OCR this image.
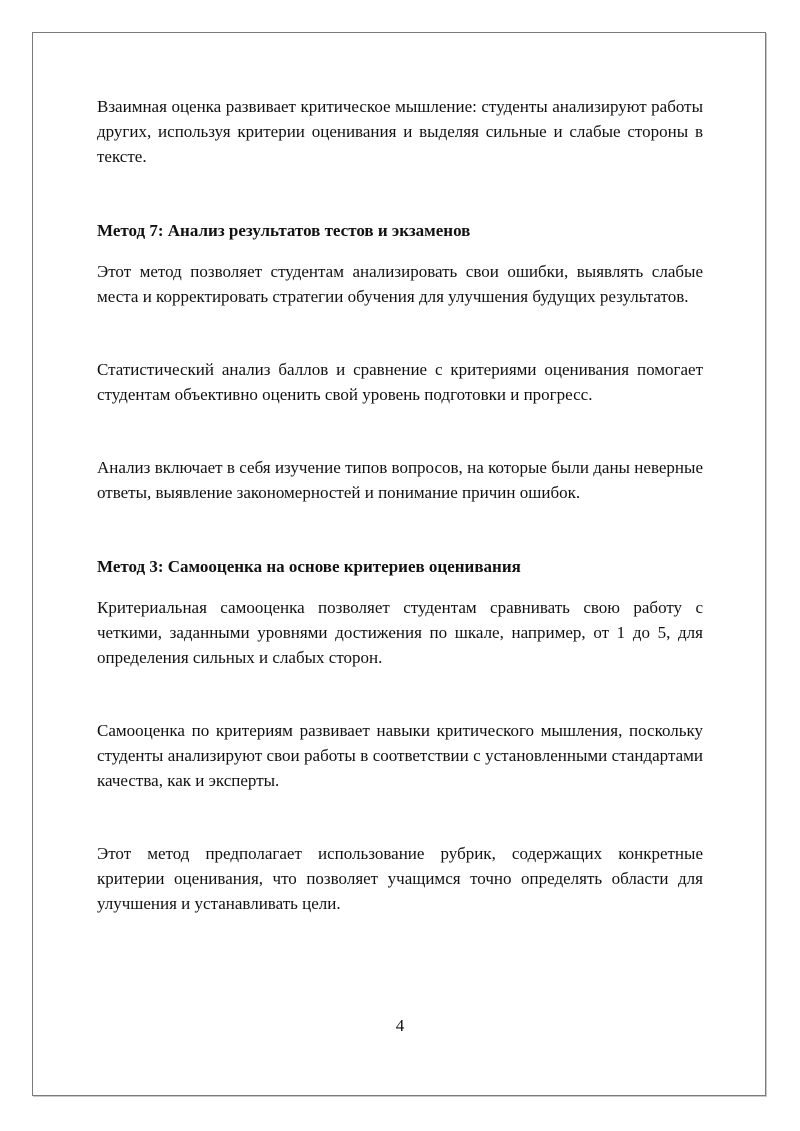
Взаимная оценка развивает критическое мышление: студенты анализируют работы других, используя критерии оценивания и выделяя сильные и слабые стороны в тексте.

Метод 7: Анализ результатов тестов и экзаменов

Этот метод позволяет студентам анализировать свои ошибки, выявлять слабые места и корректировать стратегии обучения для улучшения будущих результатов.

Статистический анализ баллов и сравнение с критериями оценивания помогает студентам объективно оценить свой уровень подготовки и прогресс.

Анализ включает в себя изучение типов вопросов, на которые были даны неверные ответы, выявление закономерностей и понимание причин ошибок.

Метод 3: Самооценка на основе критериев оценивания

Критериальная самооценка позволяет студентам сравнивать свою работу с четкими, заданными уровнями достижения по шкале, например, от 1 до 5, для определения сильных и слабых сторон.

Самооценка по критериям развивает навыки критического мышления, поскольку студенты анализируют свои работы в соответствии с установленными стандартами качества, как и эксперты.

Этот метод предполагает использование рубрик, содержащих конкретные критерии оценивания, что позволяет учащимся точно определять области для улучшения и устанавливать цели.

4
